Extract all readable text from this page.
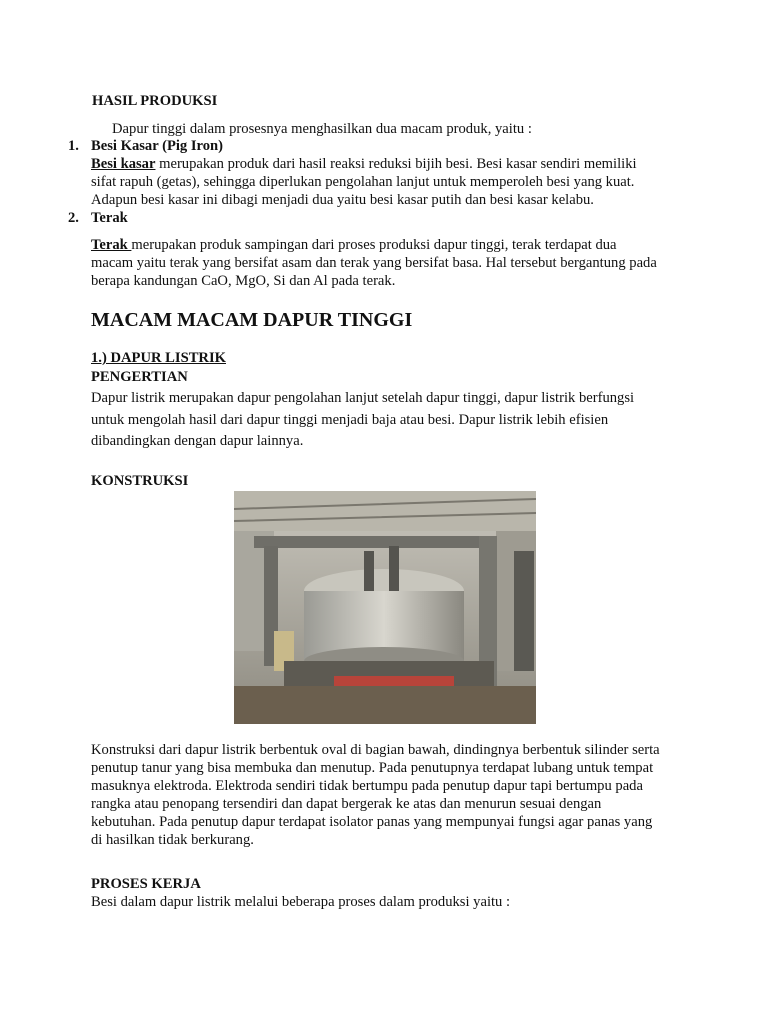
HASIL PRODUKSI
Dapur tinggi dalam prosesnya menghasilkan dua macam produk, yaitu :
1. Besi Kasar (Pig Iron)
Besi kasar merupakan produk dari hasil reaksi reduksi bijih besi. Besi kasar sendiri memiliki
sifat rapuh (getas), sehingga diperlukan pengolahan lanjut untuk memperoleh besi yang kuat.
Adapun besi kasar ini dibagi menjadi dua yaitu besi kasar putih dan besi kasar kelabu.
2. Terak
Terak merupakan produk sampingan dari proses produksi dapur tinggi, terak terdapat dua
macam yaitu terak yang bersifat asam dan terak yang bersifat basa. Hal tersebut bergantung pada
berapa kandungan CaO, MgO, Si dan Al pada terak.
MACAM MACAM DAPUR TINGGI
1.) DAPUR LISTRIK
PENGERTIAN
Dapur listrik merupakan dapur pengolahan lanjut setelah dapur tinggi, dapur listrik berfungsi
untuk mengolah hasil dari dapur tinggi menjadi baja atau besi. Dapur listrik lebih efisien
dibandingkan dengan dapur lainnya.
KONSTRUKSI
Konstruksi dari dapur listrik berbentuk oval di bagian bawah, dindingnya berbentuk silinder serta
penutup tanur yang bisa membuka dan menutup. Pada penutupnya terdapat lubang untuk tempat
masuknya elektroda. Elektroda sendiri tidak bertumpu pada penutup dapur tapi bertumpu pada
rangka atau penopang tersendiri dan dapat bergerak ke atas dan menurun sesuai dengan
kebutuhan. Pada penutup dapur terdapat isolator panas yang mempunyai fungsi agar panas yang
di hasilkan tidak berkurang.
PROSES KERJA
Besi dalam dapur listrik melalui beberapa proses dalam produksi yaitu :
